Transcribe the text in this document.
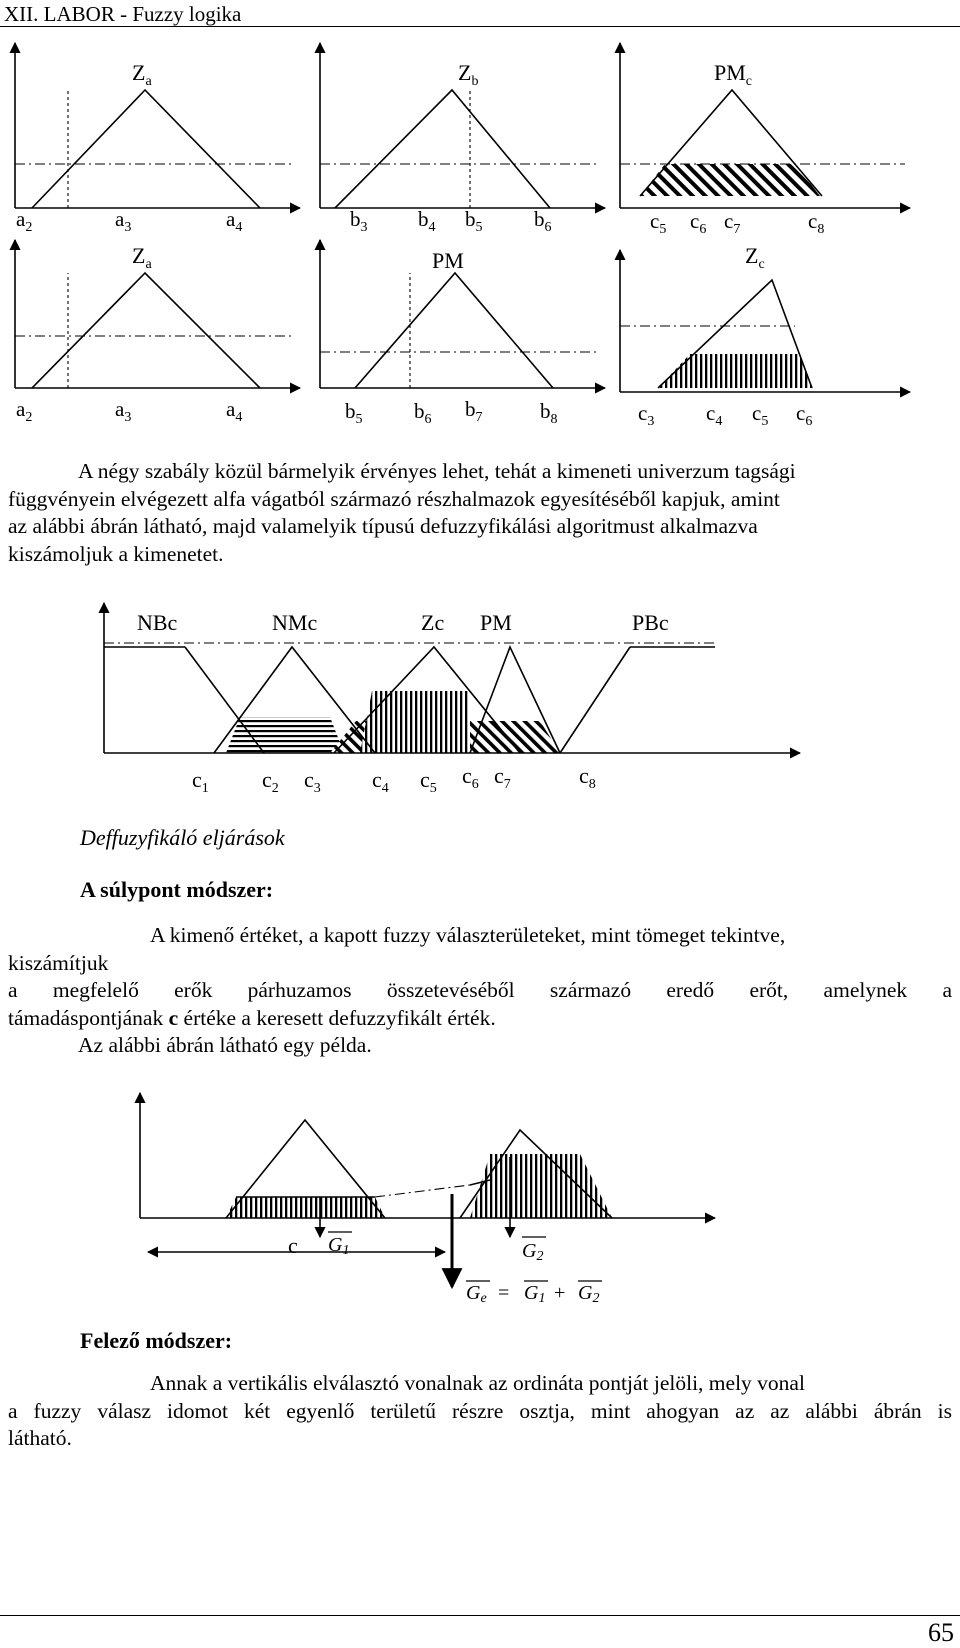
XII. LABOR - Fuzzy logika
$Z_a$	$Z_b$	$PM_c$
$a_2$	$a_3$	$a_4$	$b_3$ $b_4$ $b_5$ $b_6$	$c_5$ $c_6$ $c_7$	$c_8$
$Z_a$	PM	$Z_c$
$a_2$	$a_3$	$a_4$	$b_5$ $b_6$ $b_7$	$b_8$	$c_3$ $c_4$ $c_5$ $c_6$
A négy szabály közül bármelyik érvényes lehet, tehát a kimeneti univerzum tagsági
függvényein elvégezett alfa vágatból származó részhalmazok egyesítéséből kapjuk, amint
az alábbi ábrán látható, majd valamelyik típusú defuzzyfikálási algoritmust alkalmazva
kiszámoljuk a kimenetet.
NBc	NMc	Zc PM	PBc
$c_1$ $c_2$ $c_3$ $c_4$ $c_5$
$c_6$ $c_7$	$c_8$
Deffuzyfikáló eljárások
A súlypont módszer:
A kimenő értéket, a kapott fuzzy választerületeket, mint tömeget tekintve,
kiszámítjuk
a megfelelő erők párhuzamos összetevéséből származó eredő erőt, amelynek a
támadáspontjának c értéke a keresett defuzzyfikált érték.
Az alábbi ábrán látható egy példa.
c G1	G2
Ge = G1 + G2
Felező módszer:
Annak a vertikális elválasztó vonalnak az ordináta pontját jelöli, mely vonal
a fuzzy válasz idomot két egyenlő területű részre osztja, mint ahogyan az az alábbi ábrán is
látható.
65
